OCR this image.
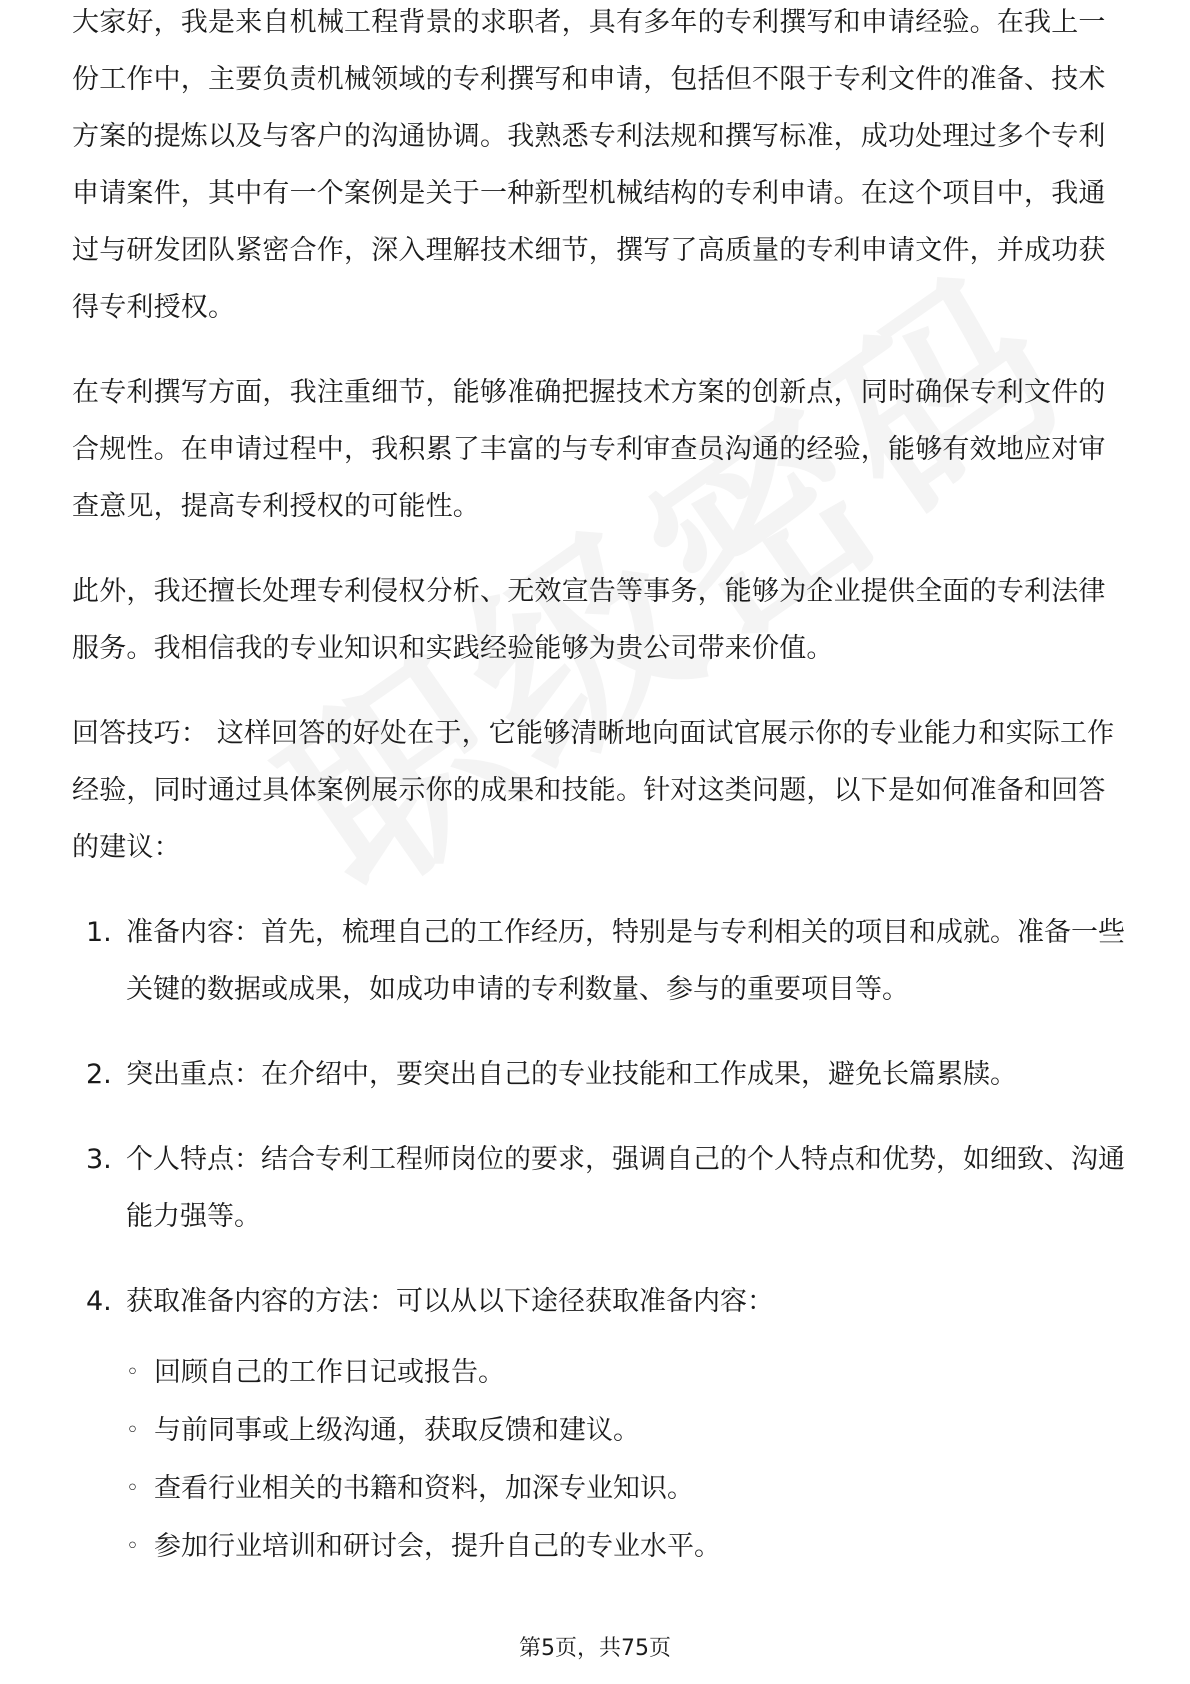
大家好，我是来自机械工程背景的求职者，具有多年的专利撰写和申请经验。在我上一份工作中，主要负责机械领域的专利撰写和申请，包括但不限于专利文件的准备、技术方案的提炼以及与客户的沟通协调。我熟悉专利法规和撰写标准，成功处理过多个专利申请案件，其中有一个案例是关于一种新型机械结构的专利申请。在这个项目中，我通过与研发团队紧密合作，深入理解技术细节，撰写了高质量的专利申请文件，并成功获得专利授权。

在专利撰写方面，我注重细节，能够准确把握技术方案的创新点，同时确保专利文件的合规性。在申请过程中，我积累了丰富的与专利审查员沟通的经验，能够有效地应对审查意见，提高专利授权的可能性。

此外，我还擅长处理专利侵权分析、无效宣告等事务，能够为企业提供全面的专利法律服务。我相信我的专业知识和实践经验能够为贵公司带来价值。

回答技巧： 这样回答的好处在于，它能够清晰地向面试官展示你的专业能力和实际工作经验，同时通过具体案例展示你的成果和技能。针对这类问题，以下是如何准备和回答的建议：

1. 准备内容：首先，梳理自己的工作经历，特别是与专利相关的项目和成就。准备一些关键的数据或成果，如成功申请的专利数量、参与的重要项目等。
2. 突出重点：在介绍中，要突出自己的专业技能和工作成果，避免长篇累牍。
3. 个人特点：结合专利工程师岗位的要求，强调自己的个人特点和优势，如细致、沟通能力强等。
4. 获取准备内容的方法：可以从以下途径获取准备内容：
◦ 回顾自己的工作日记或报告。
◦ 与前同事或上级沟通，获取反馈和建议。
◦ 查看行业相关的书籍和资料，加深专业知识。
◦ 参加行业培训和研讨会，提升自己的专业水平。
第5页，共75页
